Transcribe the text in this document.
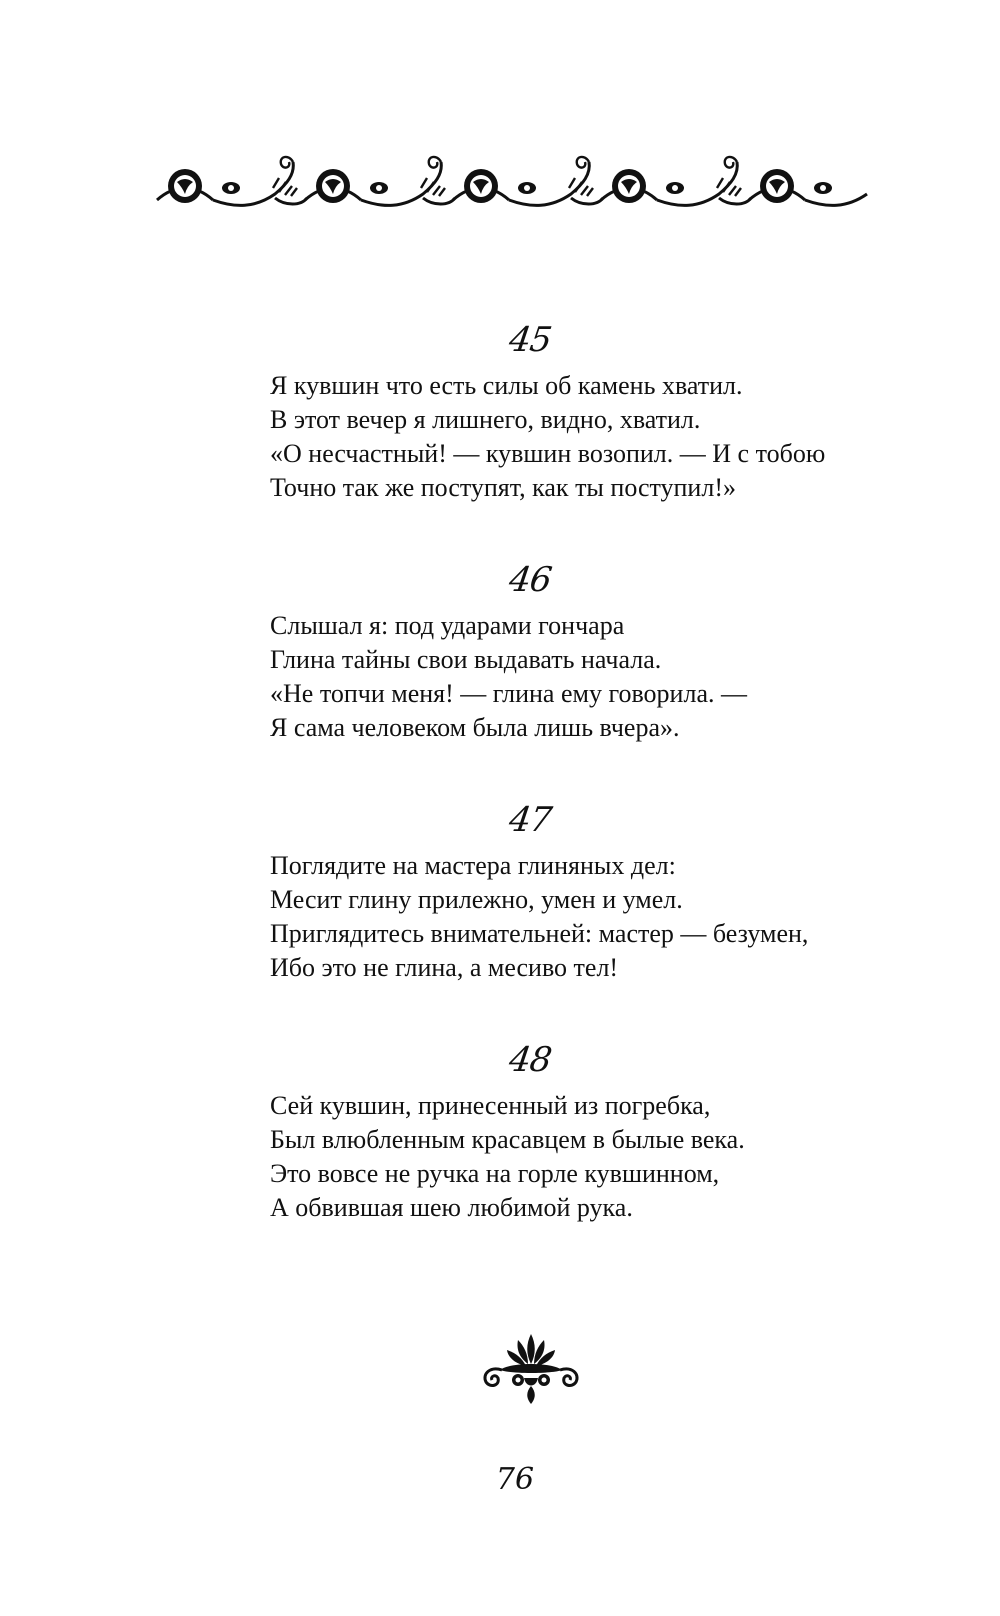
45
Я кувшин что есть силы об камень хватил.
В этот вечер я лишнего, видно, хватил.
«О несчастный! — кувшин возопил. — И с тобою
Точно так же поступят, как ты поступил!»
46
Слышал я: под ударами гончара
Глина тайны свои выдавать начала.
«Не топчи меня! — глина ему говорила. —
Я сама человеком была лишь вчера».
47
Поглядите на мастера глиняных дел:
Месит глину прилежно, умен и умел.
Приглядитесь внимательней: мастер — безумен,
Ибо это не глина, а месиво тел!
48
Сей кувшин, принесенный из погребка,
Был влюбленным красавцем в былые века.
Это вовсе не ручка на горле кувшинном,
А обвившая шею любимой рука.
76
